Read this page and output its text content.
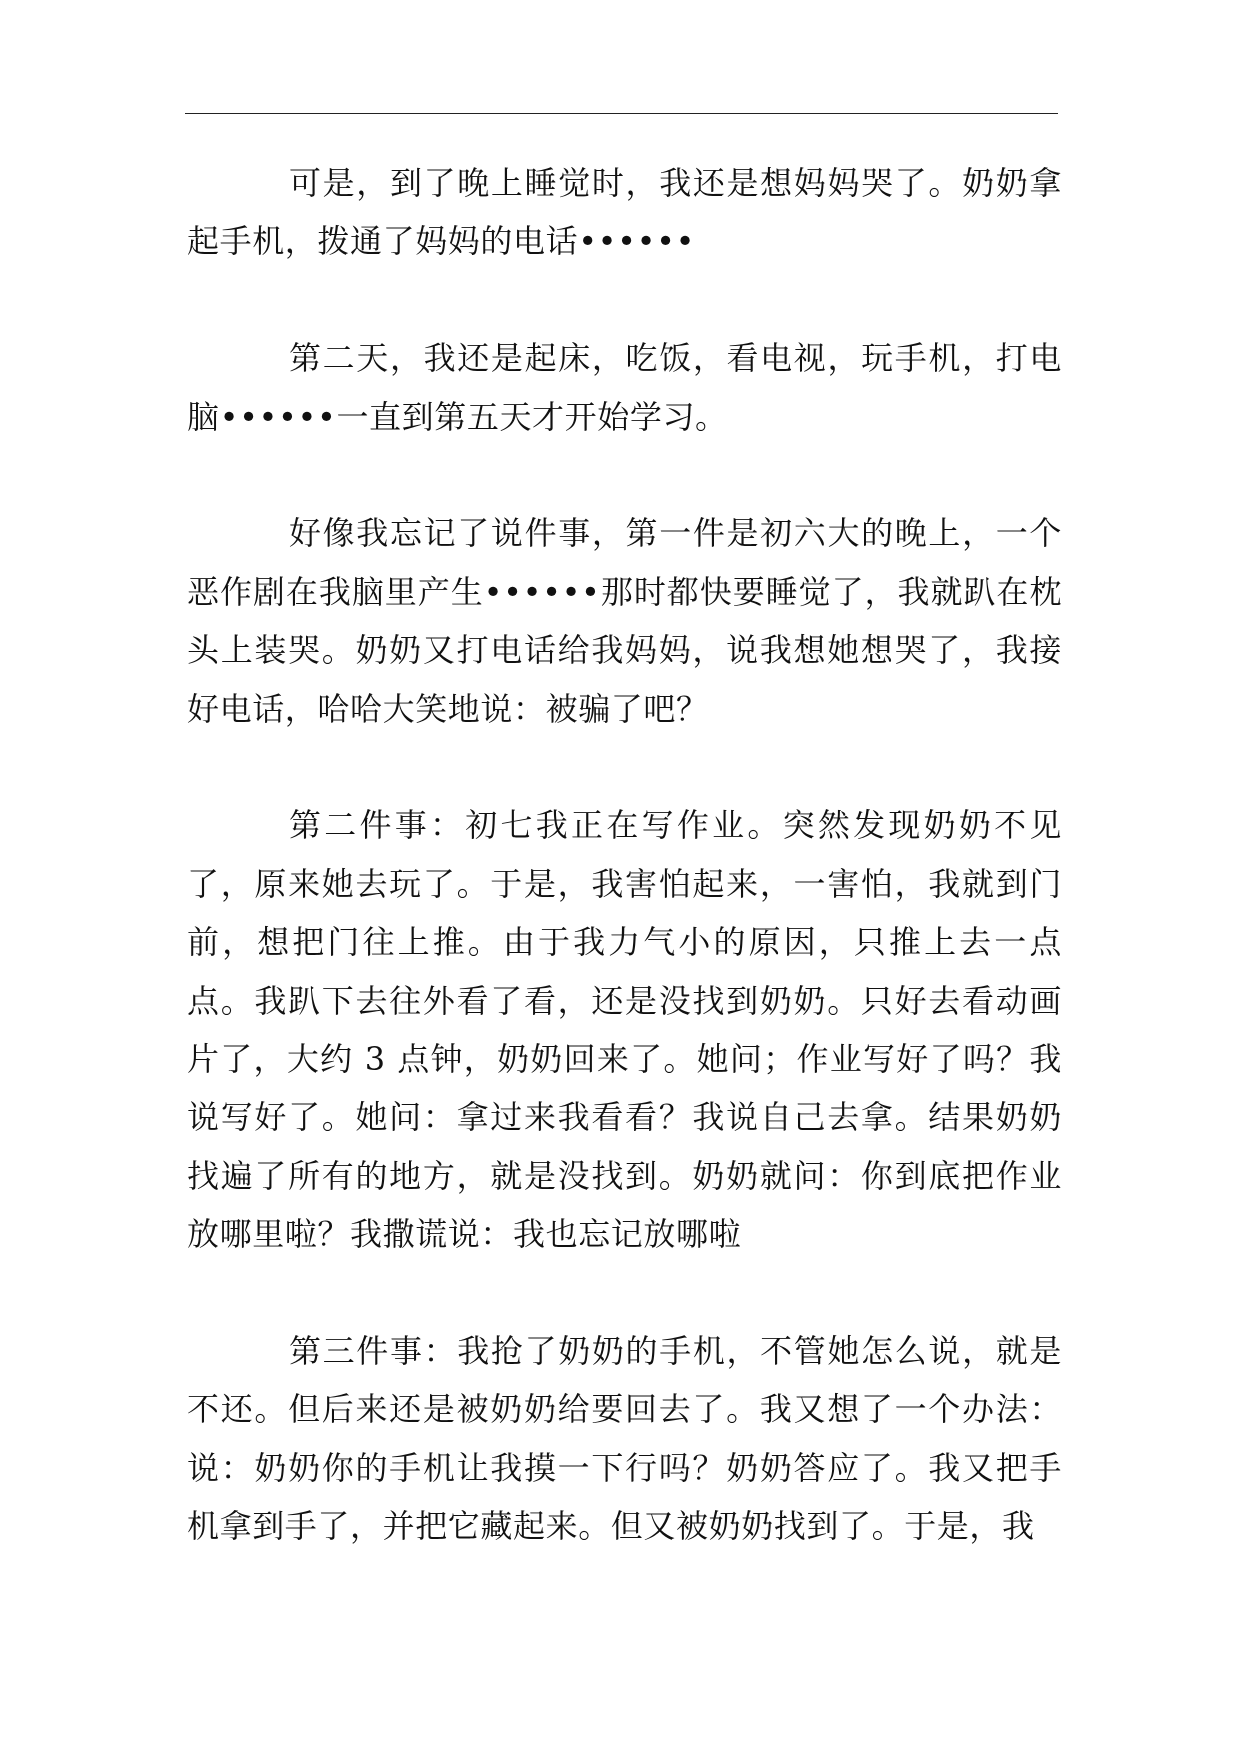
可是，到了晚上睡觉时，我还是想妈妈哭了。奶奶拿起手机，拨通了妈妈的电话••••••

第二天，我还是起床，吃饭，看电视，玩手机，打电脑••••••一直到第五天才开始学习。

好像我忘记了说件事，第一件是初六大的晚上，一个恶作剧在我脑里产生••••••那时都快要睡觉了，我就趴在枕头上装哭。奶奶又打电话给我妈妈，说我想她想哭了，我接好电话，哈哈大笑地说：被骗了吧？

第二件事：初七我正在写作业。突然发现奶奶不见了，原来她去玩了。于是，我害怕起来，一害怕，我就到门前，想把门往上推。由于我力气小的原因，只推上去一点点。我趴下去往外看了看，还是没找到奶奶。只好去看动画片了，大约 3 点钟，奶奶回来了。她问；作业写好了吗？我说写好了。她问：拿过来我看看？我说自己去拿。结果奶奶找遍了所有的地方，就是没找到。奶奶就问：你到底把作业放哪里啦？我撒谎说：我也忘记放哪啦

第三件事：我抢了奶奶的手机，不管她怎么说，就是不还。但后来还是被奶奶给要回去了。我又想了一个办法：说：奶奶你的手机让我摸一下行吗？奶奶答应了。我又把手机拿到手了，并把它藏起来。但又被奶奶找到了。于是，我
